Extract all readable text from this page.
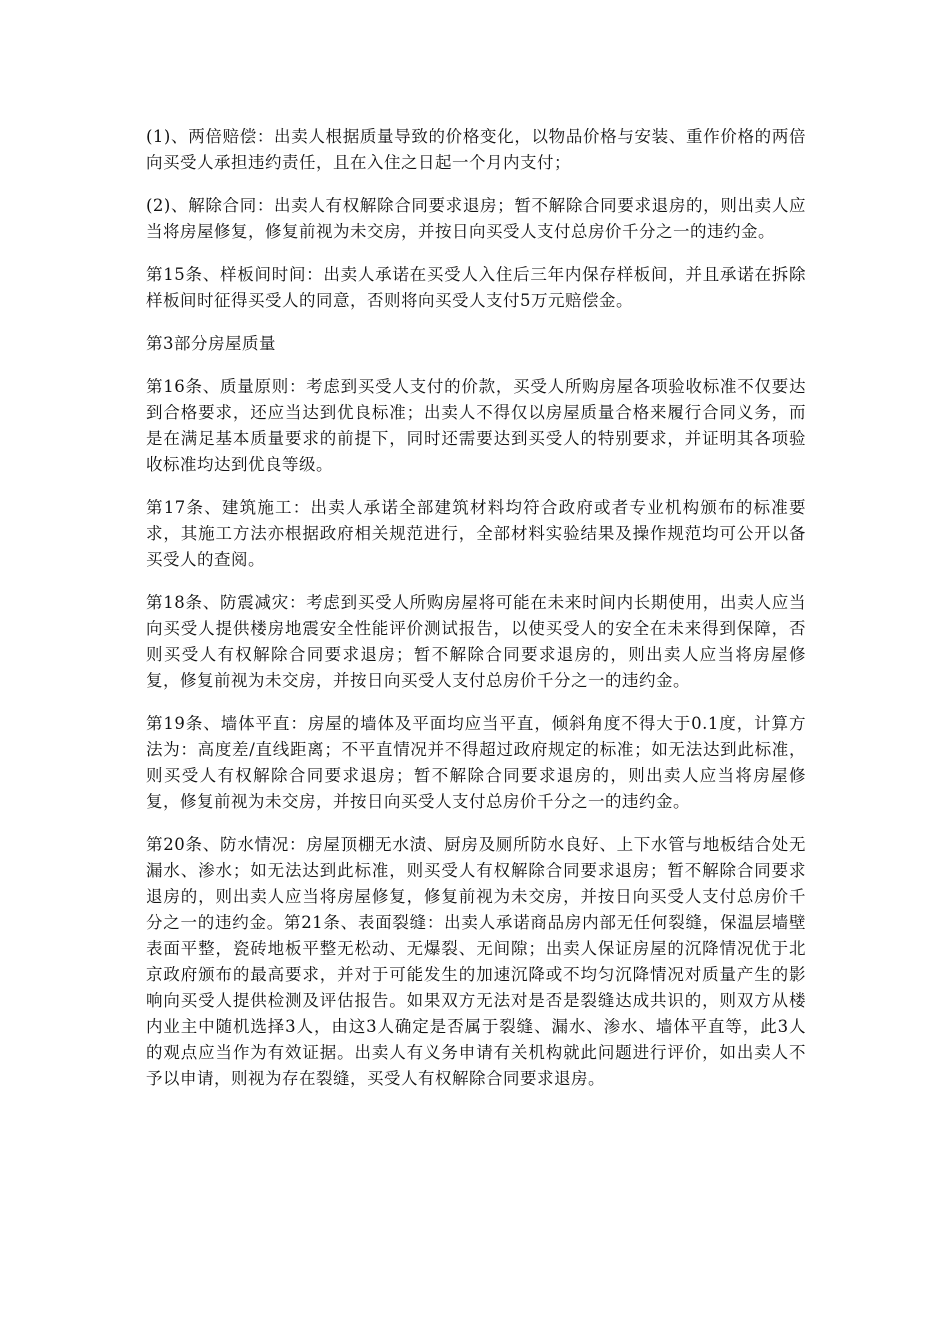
(1)、两倍赔偿：出卖人根据质量导致的价格变化，以物品价格与安装、重作价格的两倍向买受人承担违约责任，且在入住之日起一个月内支付；

(2)、解除合同：出卖人有权解除合同要求退房；暂不解除合同要求退房的，则出卖人应当将房屋修复，修复前视为未交房，并按日向买受人支付总房价千分之一的违约金。

第15条、样板间时间：出卖人承诺在买受人入住后三年内保存样板间，并且承诺在拆除样板间时征得买受人的同意，否则将向买受人支付5万元赔偿金。

第3部分房屋质量

第16条、质量原则：考虑到买受人支付的价款，买受人所购房屋各项验收标准不仅要达到合格要求，还应当达到优良标准；出卖人不得仅以房屋质量合格来履行合同义务，而是在满足基本质量要求的前提下，同时还需要达到买受人的特别要求，并证明其各项验收标准均达到优良等级。

第17条、建筑施工：出卖人承诺全部建筑材料均符合政府或者专业机构颁布的标准要求，其施工方法亦根据政府相关规范进行，全部材料实验结果及操作规范均可公开以备买受人的查阅。

第18条、防震减灾：考虑到买受人所购房屋将可能在未来时间内长期使用，出卖人应当向买受人提供楼房地震安全性能评价测试报告，以使买受人的安全在未来得到保障，否则买受人有权解除合同要求退房；暂不解除合同要求退房的，则出卖人应当将房屋修复，修复前视为未交房，并按日向买受人支付总房价千分之一的违约金。

第19条、墙体平直：房屋的墙体及平面均应当平直，倾斜角度不得大于0.1度，计算方法为：高度差/直线距离；不平直情况并不得超过政府规定的标准；如无法达到此标准，则买受人有权解除合同要求退房；暂不解除合同要求退房的，则出卖人应当将房屋修复，修复前视为未交房，并按日向买受人支付总房价千分之一的违约金。

第20条、防水情况：房屋顶棚无水渍、厨房及厕所防水良好、上下水管与地板结合处无漏水、渗水；如无法达到此标准，则买受人有权解除合同要求退房；暂不解除合同要求退房的，则出卖人应当将房屋修复，修复前视为未交房，并按日向买受人支付总房价千分之一的违约金。第21条、表面裂缝：出卖人承诺商品房内部无任何裂缝，保温层墙壁表面平整，瓷砖地板平整无松动、无爆裂、无间隙；出卖人保证房屋的沉降情况优于北京政府颁布的最高要求，并对于可能发生的加速沉降或不均匀沉降情况对质量产生的影响向买受人提供检测及评估报告。如果双方无法对是否是裂缝达成共识的，则双方从楼内业主中随机选择3人，由这3人确定是否属于裂缝、漏水、渗水、墙体平直等，此3人的观点应当作为有效证据。出卖人有义务申请有关机构就此问题进行评价，如出卖人不予以申请，则视为存在裂缝，买受人有权解除合同要求退房。
